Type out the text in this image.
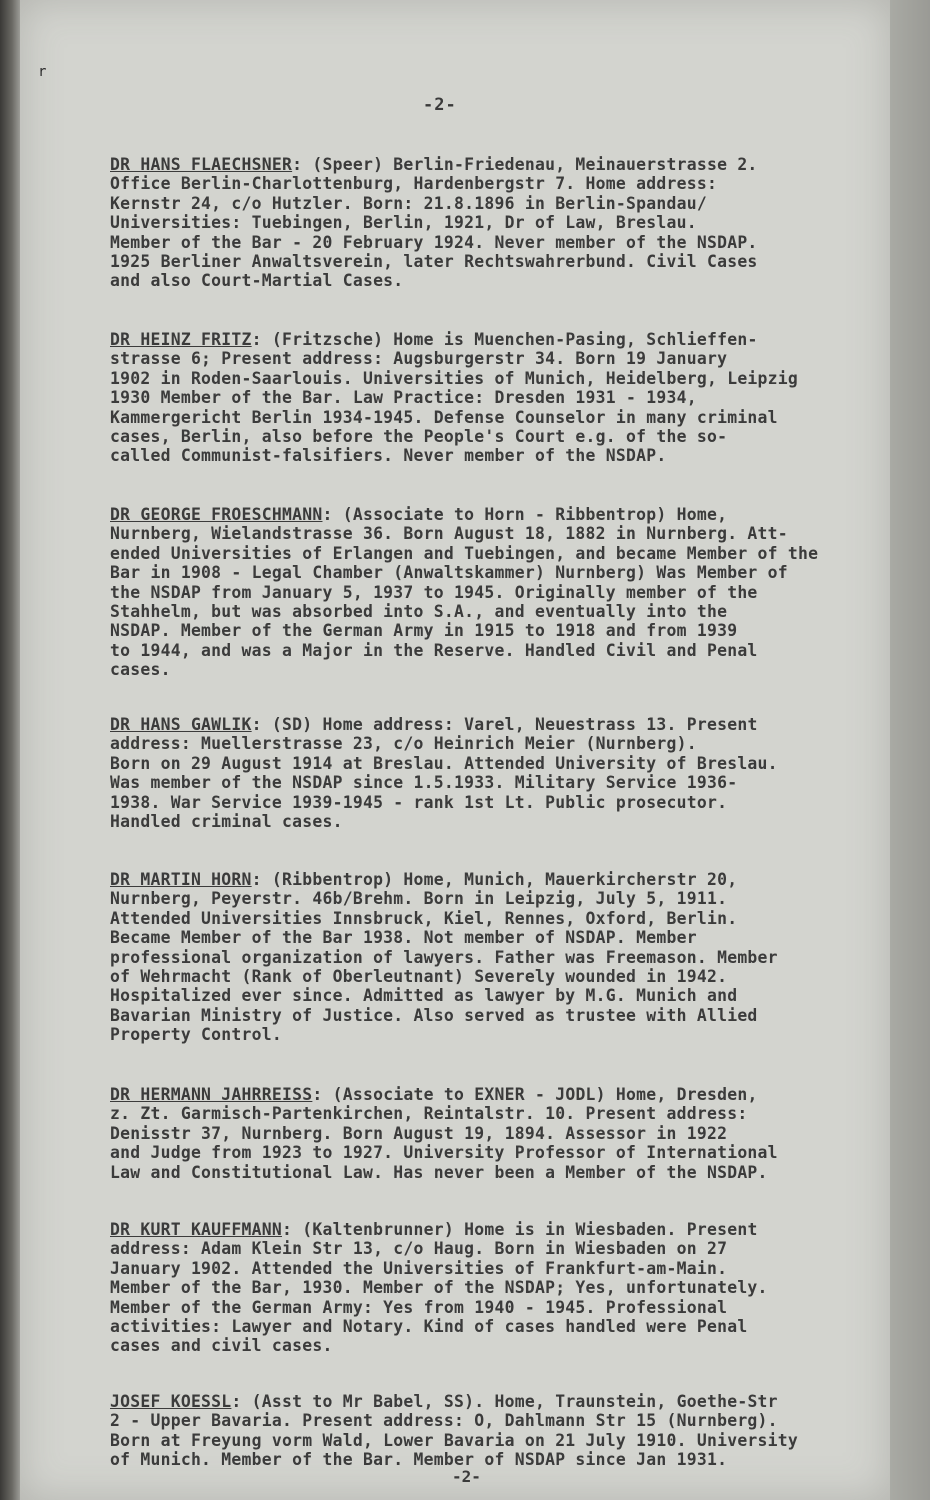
r
-2-
DR HANS FLAECHSNER: (Speer) Berlin-Friedenau, Meinauerstrasse 2.
Office Berlin-Charlottenburg, Hardenbergstr 7. Home address:
Kernstr 24, c/o Hutzler. Born: 21.8.1896 in Berlin-Spandau/
Universities: Tuebingen, Berlin, 1921, Dr of Law, Breslau.
Member of the Bar - 20 February 1924. Never member of the NSDAP.
1925 Berliner Anwaltsverein, later Rechtswahrerbund. Civil Cases
and also Court-Martial Cases.
DR HEINZ FRITZ: (Fritzsche) Home is Muenchen-Pasing, Schlieffen-
strasse 6; Present address: Augsburgerstr 34. Born 19 January
1902 in Roden-Saarlouis. Universities of Munich, Heidelberg, Leipzig
1930 Member of the Bar. Law Practice: Dresden 1931 - 1934,
Kammergericht Berlin 1934-1945. Defense Counselor in many criminal
cases, Berlin, also before the People's Court e.g. of the so-
called Communist-falsifiers. Never member of the NSDAP.
DR GEORGE FROESCHMANN: (Associate to Horn - Ribbentrop) Home,
Nurnberg, Wielandstrasse 36. Born August 18, 1882 in Nurnberg. Att-
ended Universities of Erlangen and Tuebingen, and became Member of the
Bar in 1908 - Legal Chamber (Anwaltskammer) Nurnberg) Was Member of
the NSDAP from January 5, 1937 to 1945. Originally member of the
Stahhelm, but was absorbed into S.A., and eventually into the
NSDAP. Member of the German Army in 1915 to 1918 and from 1939
to 1944, and was a Major in the Reserve. Handled Civil and Penal
cases.
DR HANS GAWLIK: (SD) Home address: Varel, Neuestrass 13. Present
address: Muellerstrasse 23, c/o Heinrich Meier (Nurnberg).
Born on 29 August 1914 at Breslau. Attended University of Breslau.
Was member of the NSDAP since 1.5.1933. Military Service 1936-
1938. War Service 1939-1945 - rank 1st Lt. Public prosecutor.
Handled criminal cases.
DR MARTIN HORN: (Ribbentrop) Home, Munich, Mauerkircherstr 20,
Nurnberg, Peyerstr. 46b/Brehm. Born in Leipzig, July 5, 1911.
Attended Universities Innsbruck, Kiel, Rennes, Oxford, Berlin.
Became Member of the Bar 1938. Not member of NSDAP. Member
professional organization of lawyers. Father was Freemason. Member
of Wehrmacht (Rank of Oberleutnant) Severely wounded in 1942.
Hospitalized ever since. Admitted as lawyer by M.G. Munich and
Bavarian Ministry of Justice. Also served as trustee with Allied
Property Control.
DR HERMANN JAHRREISS: (Associate to EXNER - JODL) Home, Dresden,
z. Zt. Garmisch-Partenkirchen, Reintalstr. 10. Present address:
Denisstr 37, Nurnberg. Born August 19, 1894. Assessor in 1922
and Judge from 1923 to 1927. University Professor of International
Law and Constitutional Law. Has never been a Member of the NSDAP.
DR KURT KAUFFMANN: (Kaltenbrunner) Home is in Wiesbaden. Present
address: Adam Klein Str 13, c/o Haug. Born in Wiesbaden on 27
January 1902. Attended the Universities of Frankfurt-am-Main.
Member of the Bar, 1930. Member of the NSDAP; Yes, unfortunately.
Member of the German Army: Yes from 1940 - 1945. Professional
activities: Lawyer and Notary. Kind of cases handled were Penal
cases and civil cases.
JOSEF KOESSL: (Asst to Mr Babel, SS). Home, Traunstein, Goethe-Str
2 - Upper Bavaria. Present address: O, Dahlmann Str 15 (Nurnberg).
Born at Freyung vorm Wald, Lower Bavaria on 21 July 1910. University
of Munich. Member of the Bar. Member of NSDAP since Jan 1931.
-2-
